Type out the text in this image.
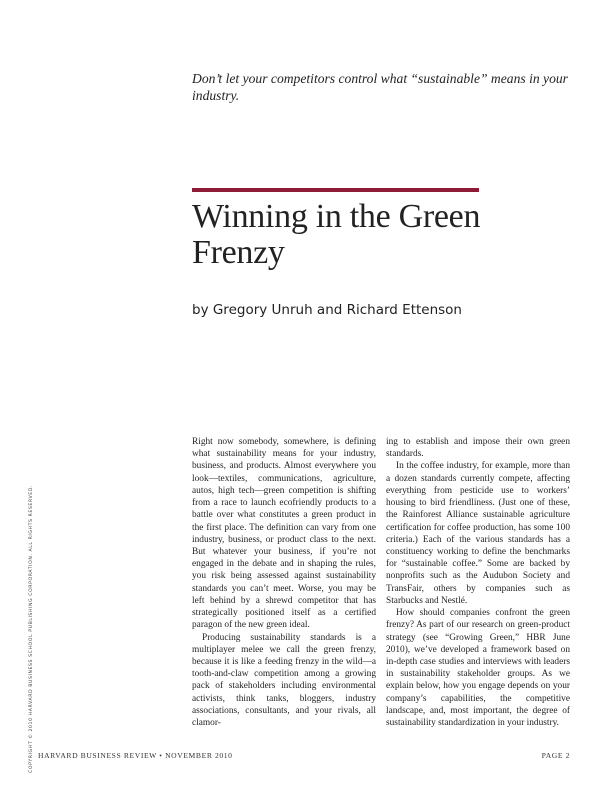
Don’t let your competitors control what “sustainable” means in your industry.
Winning in the Green Frenzy
by Gregory Unruh and Richard Ettenson

Right now somebody, somewhere, is defining what sustainability means for your industry, business, and products. Almost everywhere you look—textiles, communications, agriculture, autos, high tech—green competition is shifting from a race to launch ecofriendly products to a battle over what constitutes a green product in the first place. The definition can vary from one industry, business, or product class to the next. But whatever your business, if you’re not engaged in the debate and in shaping the rules, you risk being assessed against sustainability standards you can’t meet. Worse, you may be left behind by a shrewd competitor that has strategically positioned itself as a certified paragon of the new green ideal.

Producing sustainability standards is a multiplayer melee we call the green frenzy, because it is like a feeding frenzy in the wild—a tooth-and-claw competition among a growing pack of stakeholders including environmental activists, think tanks, bloggers, industry associations, consultants, and your rivals, all clamor-

ing to establish and impose their own green standards.

In the coffee industry, for example, more than a dozen standards currently compete, affecting everything from pesticide use to workers’ housing to bird friendliness. (Just one of these, the Rainforest Alliance sustainable agriculture certification for coffee production, has some 100 criteria.) Each of the various standards has a constituency working to define the benchmarks for “sustainable coffee.” Some are backed by nonprofits such as the Audubon Society and TransFair, others by companies such as Starbucks and Nestlé.

How should companies confront the green frenzy? As part of our research on green-product strategy (see “Growing Green,” HBR June 2010), we’ve developed a framework based on in-depth case studies and interviews with leaders in sustainability stakeholder groups. As we explain below, how you engage depends on your company’s capabilities, the competitive landscape, and, most important, the degree of sustainability standardization in your industry.

COPYRIGHT © 2010 HARVARD BUSINESS SCHOOL PUBLISHING CORPORATION. ALL RIGHTS RESERVED. HARVARD BUSINESS REVIEW • NOVEMBER 2010	PAGE 2
